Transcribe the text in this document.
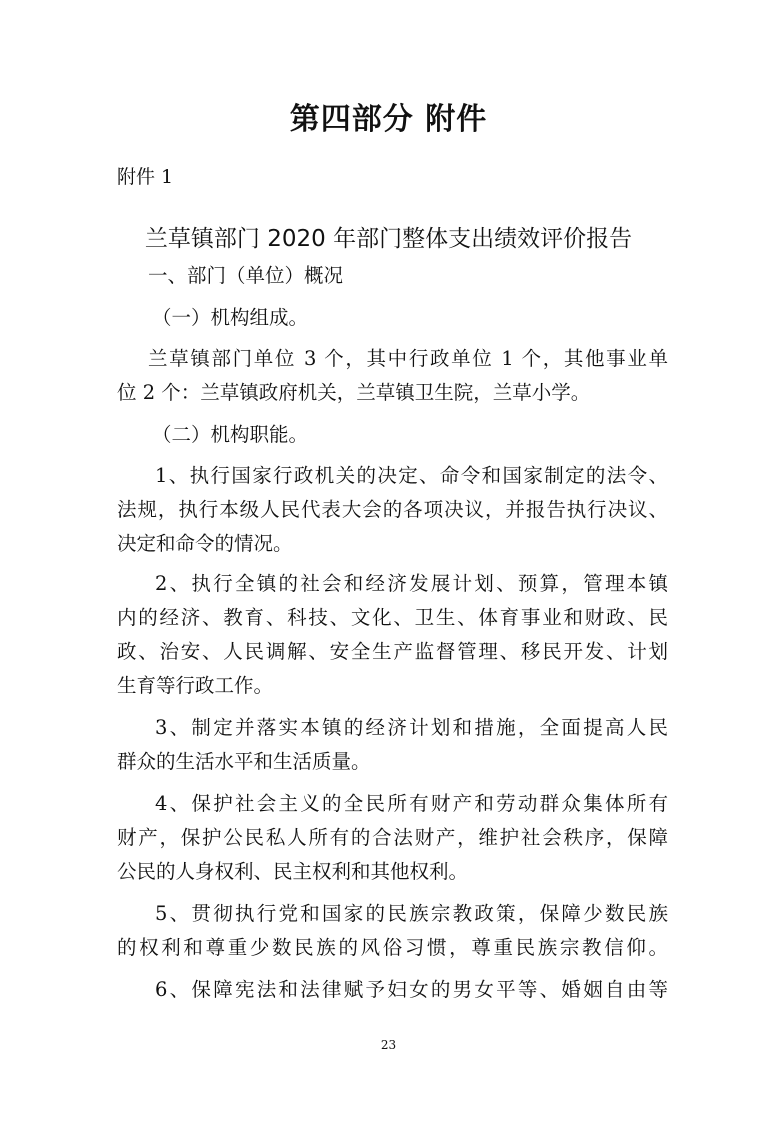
第四部分 附件
附件 1
兰草镇部门 2020 年部门整体支出绩效评价报告
一、部门（单位）概况
（一）机构组成。
兰草镇部门单位 3 个，其中行政单位 1 个，其他事业单
位 2 个：兰草镇政府机关，兰草镇卫生院，兰草小学。
（二）机构职能。
1、执行国家行政机关的决定、命令和国家制定的法令、
法规，执行本级人民代表大会的各项决议，并报告执行决议、
决定和命令的情况。
2、执行全镇的社会和经济发展计划、预算，管理本镇
内的经济、教育、科技、文化、卫生、体育事业和财政、民
政、治安、人民调解、安全生产监督管理、移民开发、计划
生育等行政工作。
3、制定并落实本镇的经济计划和措施，全面提高人民
群众的生活水平和生活质量。
4、保护社会主义的全民所有财产和劳动群众集体所有
财产，保护公民私人所有的合法财产，维护社会秩序，保障
公民的人身权利、民主权利和其他权利。
5、贯彻执行党和国家的民族宗教政策，保障少数民族
的权利和尊重少数民族的风俗习惯，尊重民族宗教信仰。
6、保障宪法和法律赋予妇女的男女平等、婚姻自由等
23
